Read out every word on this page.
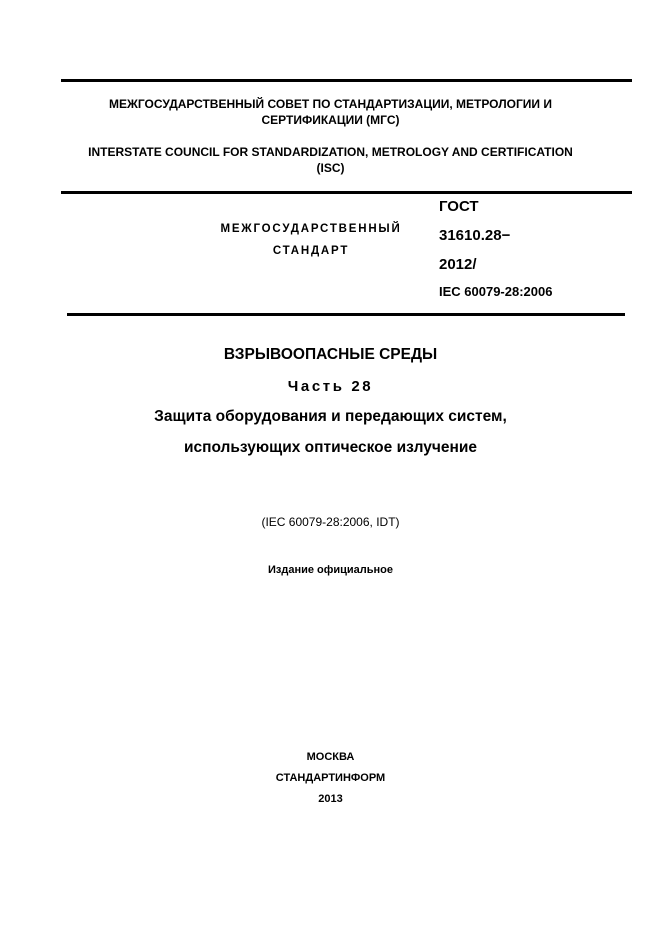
МЕЖГОСУДАРСТВЕННЫЙ СОВЕТ ПО СТАНДАРТИЗАЦИИ, МЕТРОЛОГИИ И
СЕРТИФИКАЦИИ (МГС)
INTERSTATE COUNCIL FOR STANDARDIZATION, METROLOGY AND CERTIFICATION
(ISC)
МЕЖГОСУДАРСТВЕННЫЙ
СТАНДАРТ
ГОСТ
31610.28−
2012/
IEC 60079-28:2006
ВЗРЫВООПАСНЫЕ СРЕДЫ
Часть 28
Защита оборудования и передающих систем,
использующих оптическое излучение
(IEC 60079-28:2006, IDT)
Издание официальное
МОСКВА
СТАНДАРТИНФОРМ
2013
